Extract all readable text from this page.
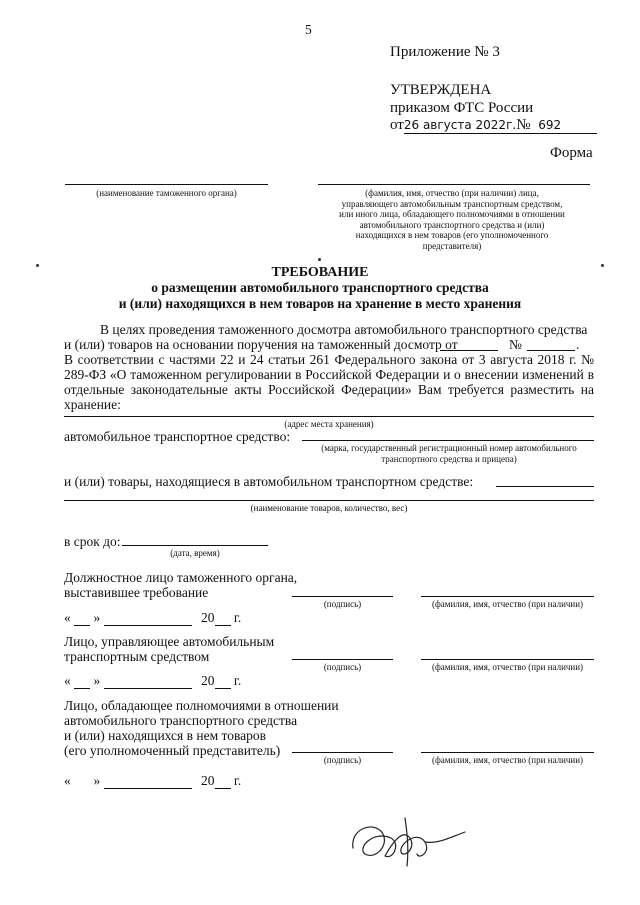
5
Приложение № 3
УТВЕРЖДЕНА
приказом ФТС России
от26 августа 2022г.№ 692
Форма
(наименование таможенного органа)	(фамилия, имя, отчество (при наличии) лица, управляющего автомобильным транспортным средством, или иного лица, обладающего полномочиями в отношении автомобильного транспортного средства и (или) находящихся в нем товаров (его уполномоченного представителя)
ТРЕБОВАНИЕ
о размещении автомобильного транспортного средства
и (или) находящихся в нем товаров на хранение в место хранения
В целях проведения таможенного досмотра автомобильного транспортного средства
и (или) товаров на основании поручения на таможенный досмотр от	№	.
В соответствии с частями 22 и 24 статьи 261 Федерального закона от 3 августа 2018 г. № 289-ФЗ «О таможенном регулировании в Российской Федерации и о внесении изменений в отдельные законодательные акты Российской Федерации» Вам требуется разместить на хранение:
(адрес места хранения)
автомобильное транспортное средство:
(марка, государственный регистрационный номер автомобильного транспортного средства и прицепа)
и (или) товары, находящиеся в автомобильном транспортном средстве:
(наименование товаров, количество, вес)
в срок до:
(дата, время)
Должностное лицо таможенного органа,
выставившее требование
(подпись)	(фамилия, имя, отчество (при наличии)
« »	20 г.
Лицо, управляющее автомобильным
транспортным средством
(подпись)	(фамилия, имя, отчество (при наличии)
« »	20 г.
Лицо, обладающее полномочиями в отношении
автомобильного транспортного средства
и (или) находящихся в нем товаров
(его уполномоченный представитель)
(подпись)	(фамилия, имя, отчество (при наличии)
« »	20 г.
